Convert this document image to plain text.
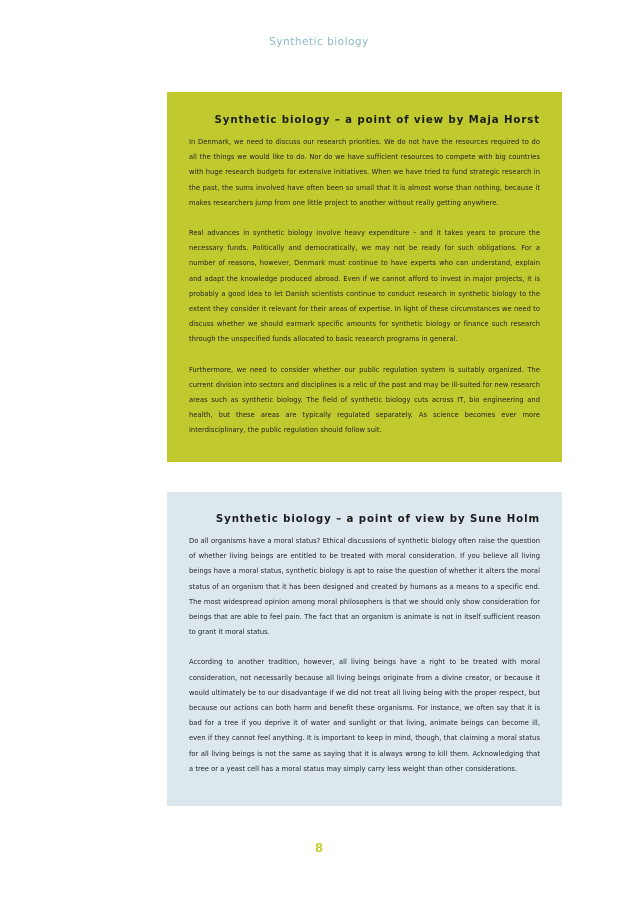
Synthetic biology
Synthetic biology – a point of view by Maja Horst

In Denmark, we need to discuss our research priorities. We do not have the resources required to do all the things we would like to do. Nor do we have sufficient resources to compete with big countries with huge research budgets for extensive initiatives. When we have tried to fund strategic research in the past, the sums involved have often been so small that it is almost worse than nothing, because it makes researchers jump from one little project to another without really getting anywhere.

Real advances in synthetic biology involve heavy expenditure – and it takes years to procure the necessary funds. Politically and democratically, we may not be ready for such obligations. For a number of reasons, however, Denmark must continue to have experts who can understand, explain and adapt the knowledge produced abroad. Even if we cannot afford to invest in major projects, it is probably a good idea to let Danish scientists continue to conduct research in synthetic biology to the extent they consider it relevant for their areas of expertise. In light of these circumstances we need to discuss whether we should earmark specific amounts for synthetic biology or finance such research through the unspecified funds allocated to basic research programs in general.

Furthermore, we need to consider whether our public regulation system is suitably organized. The current division into sectors and disciplines is a relic of the past and may be ill-suited for new research areas such as synthetic biology. The field of synthetic biology cuts across IT, bio engineering and health, but these areas are typically regulated separately. As science becomes ever more interdisciplinary, the public regulation should follow suit.

Synthetic biology – a point of view by Sune Holm

Do all organisms have a moral status? Ethical discussions of synthetic biology often raise the question of whether living beings are entitled to be treated with moral consideration. If you believe all living beings have a moral status, synthetic biology is apt to raise the question of whether it alters the moral status of an organism that it has been designed and created by humans as a means to a specific end. The most widespread opinion among moral philosophers is that we should only show consideration for beings that are able to feel pain. The fact that an organism is animate is not in itself sufficient reason to grant it moral status.

According to another tradition, however, all living beings have a right to be treated with moral consideration, not necessarily because all living beings originate from a divine creator, or because it would ultimately be to our disadvantage if we did not treat all living being with the proper respect, but because our actions can both harm and benefit these organisms. For instance, we often say that it is bad for a tree if you deprive it of water and sunlight or that living, animate beings can become ill, even if they cannot feel anything. It is important to keep in mind, though, that claiming a moral status for all living beings is not the same as saying that it is always wrong to kill them. Acknowledging that a tree or a yeast cell has a moral status may simply carry less weight than other considerations.

8
